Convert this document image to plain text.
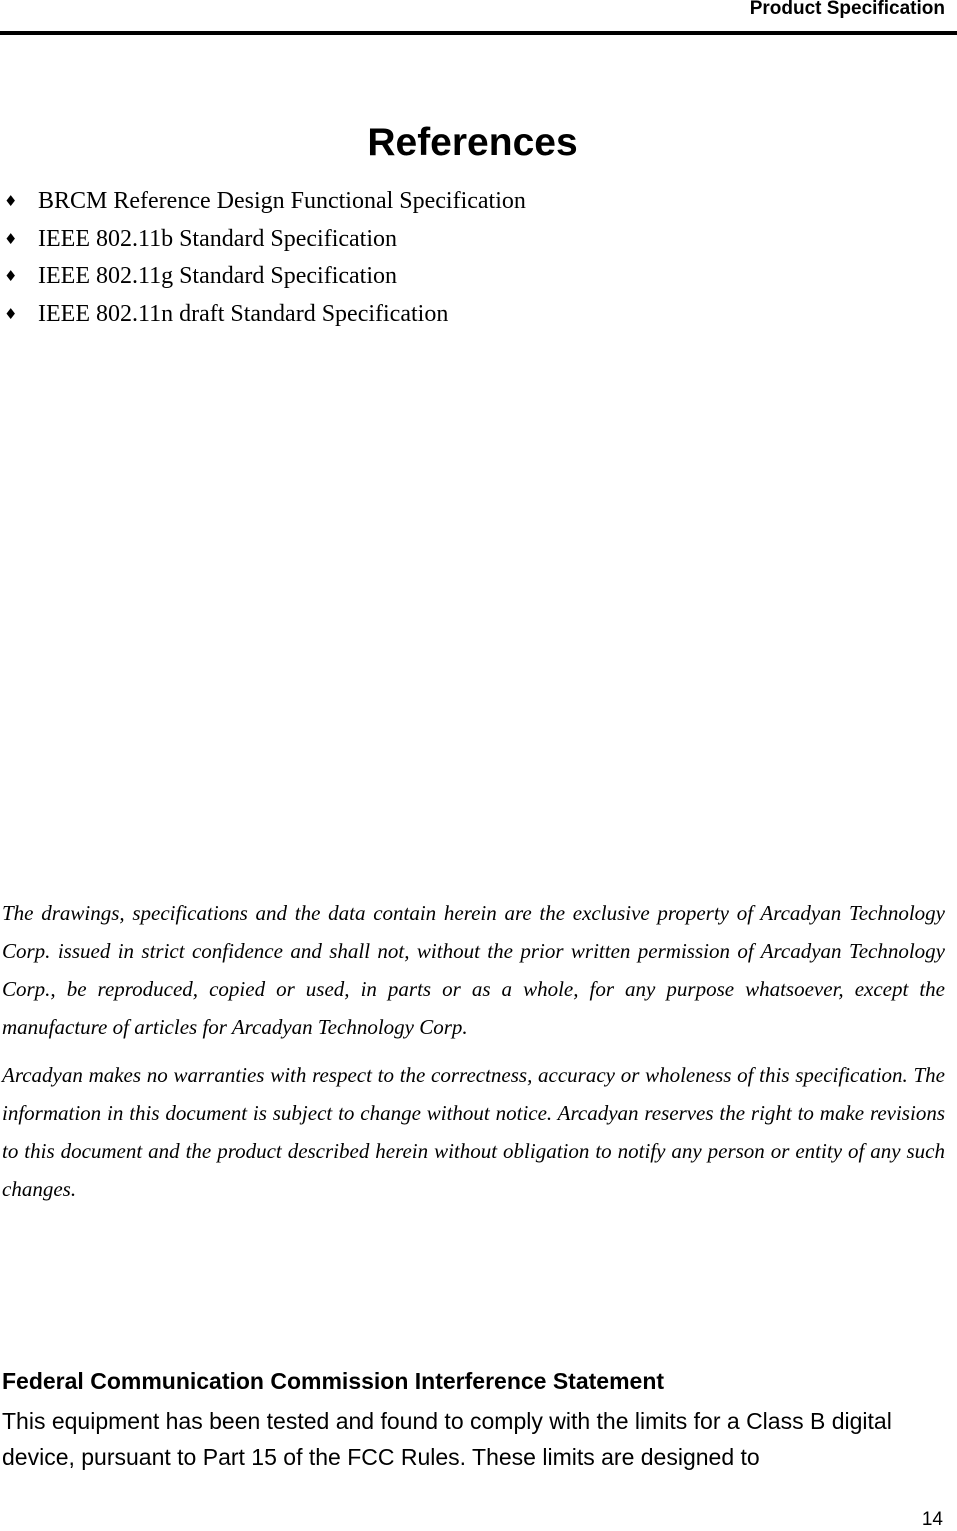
Product Specification
References
♦ BRCM Reference Design Functional Specification
♦ IEEE 802.11b Standard Specification
♦ IEEE 802.11g Standard Specification
♦ IEEE 802.11n draft Standard Specification

The drawings, specifications and the data contain herein are the exclusive property of Arcadyan Technology Corp. issued in strict confidence and shall not, without the prior written permission of Arcadyan Technology Corp., be reproduced, copied or used, in parts or as a whole, for any purpose whatsoever, except the manufacture of articles for Arcadyan Technology Corp.

Arcadyan makes no warranties with respect to the correctness, accuracy or wholeness of this specification. The information in this document is subject to change without notice. Arcadyan reserves the right to make revisions to this document and the product described herein without obligation to notify any person or entity of any such changes.

Federal Communication Commission Interference Statement

This equipment has been tested and found to comply with the limits for a Class B digital device, pursuant to Part 15 of the FCC Rules. These limits are designed to

14
